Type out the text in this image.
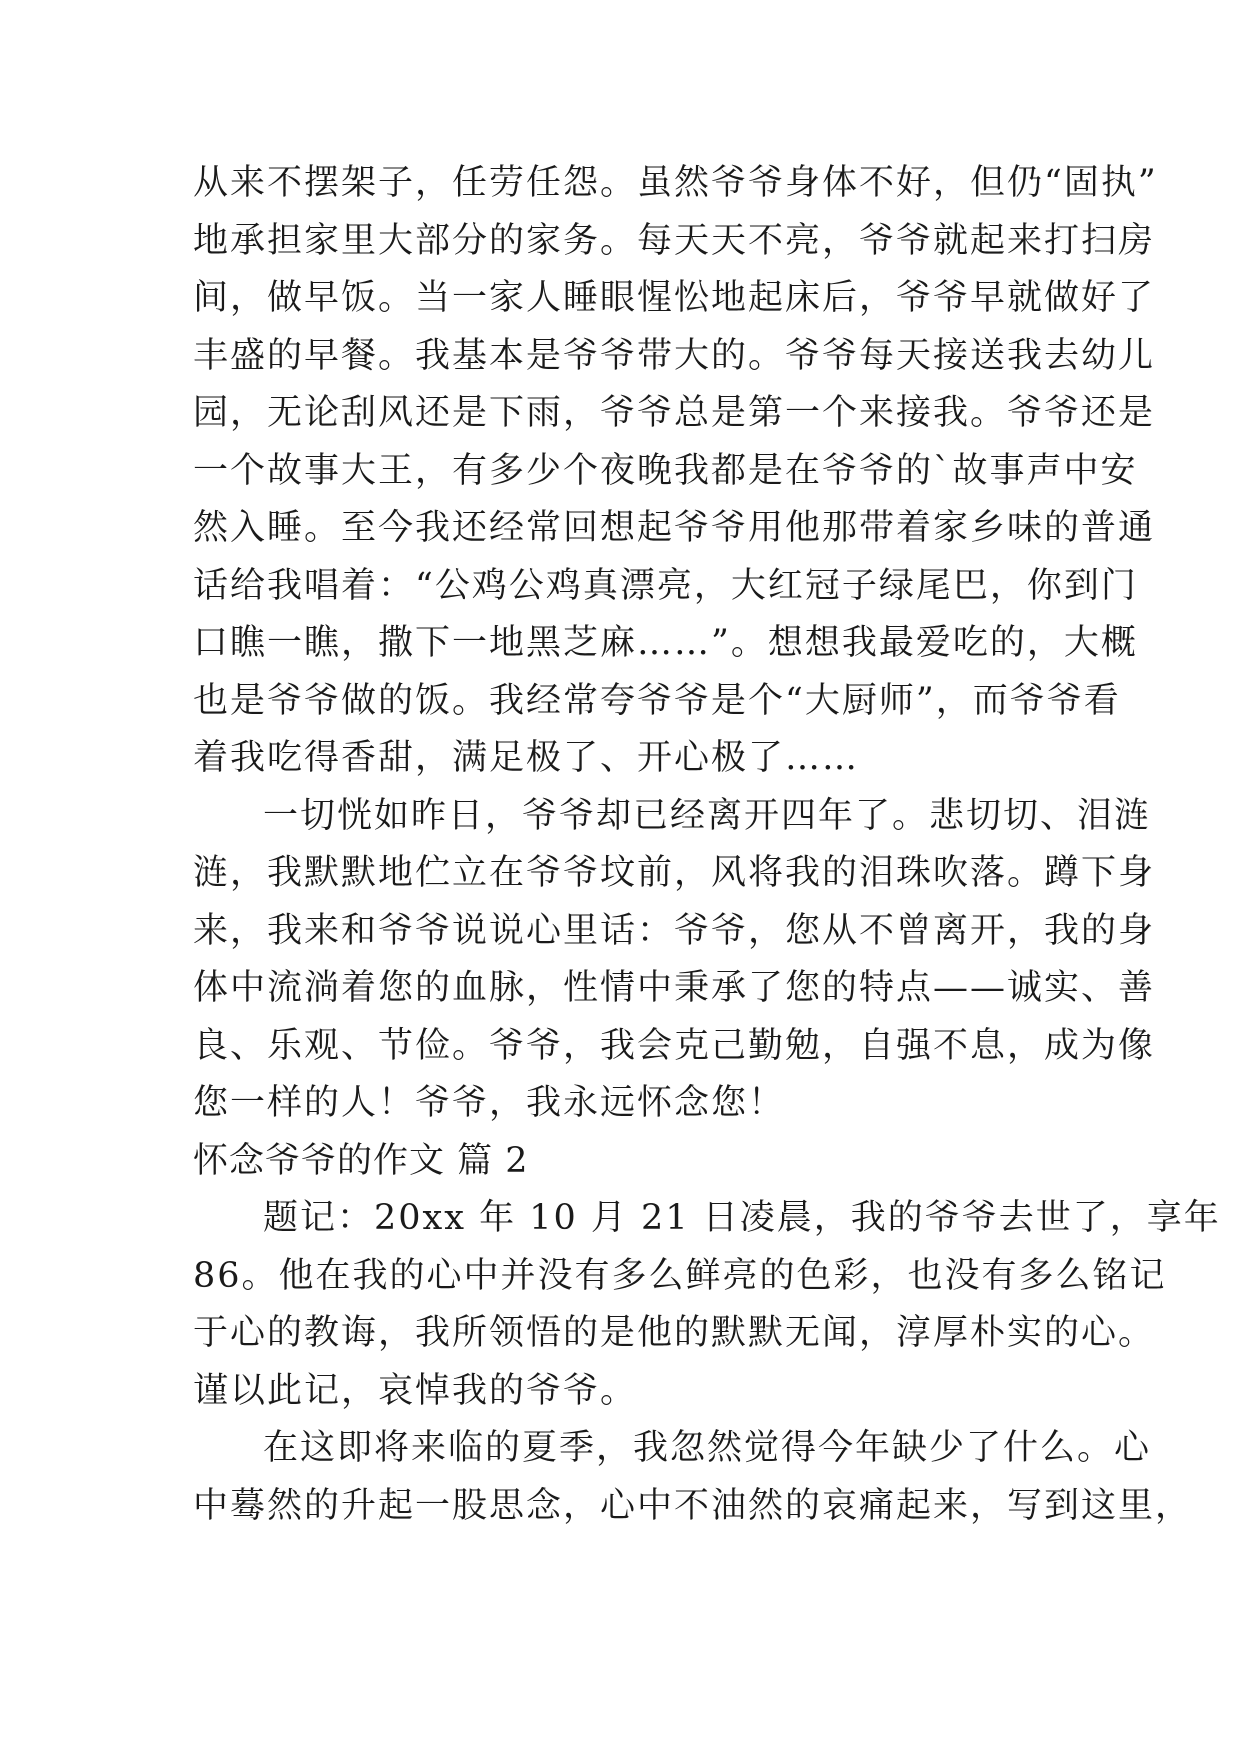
从来不摆架子，任劳任怨。虽然爷爷身体不好，但仍“固执”
地承担家里大部分的家务。每天天不亮，爷爷就起来打扫房
间，做早饭。当一家人睡眼惺忪地起床后，爷爷早就做好了
丰盛的早餐。我基本是爷爷带大的。爷爷每天接送我去幼儿
园，无论刮风还是下雨，爷爷总是第一个来接我。爷爷还是
一个故事大王，有多少个夜晚我都是在爷爷的`故事声中安
然入睡。至今我还经常回想起爷爷用他那带着家乡味的普通
话给我唱着：“公鸡公鸡真漂亮，大红冠子绿尾巴，你到门
口瞧一瞧，撒下一地黑芝麻……”。想想我最爱吃的，大概
也是爷爷做的饭。我经常夸爷爷是个“大厨师”，而爷爷看
着我吃得香甜，满足极了、开心极了……
一切恍如昨日，爷爷却已经离开四年了。悲切切、泪涟
涟，我默默地伫立在爷爷坟前，风将我的泪珠吹落。蹲下身
来，我来和爷爷说说心里话：爷爷，您从不曾离开，我的身
体中流淌着您的血脉，性情中秉承了您的特点——诚实、善
良、乐观、节俭。爷爷，我会克己勤勉，自强不息，成为像
您一样的人！爷爷，我永远怀念您！
怀念爷爷的作文 篇 2
题记：20xx 年 10 月 21 日凌晨，我的爷爷去世了，享年
86。他在我的心中并没有多么鲜亮的色彩，也没有多么铭记
于心的教诲，我所领悟的是他的默默无闻，淳厚朴实的心。
谨以此记，哀悼我的爷爷。
在这即将来临的夏季，我忽然觉得今年缺少了什么。心
中蓦然的升起一股思念，心中不油然的哀痛起来，写到这里，
